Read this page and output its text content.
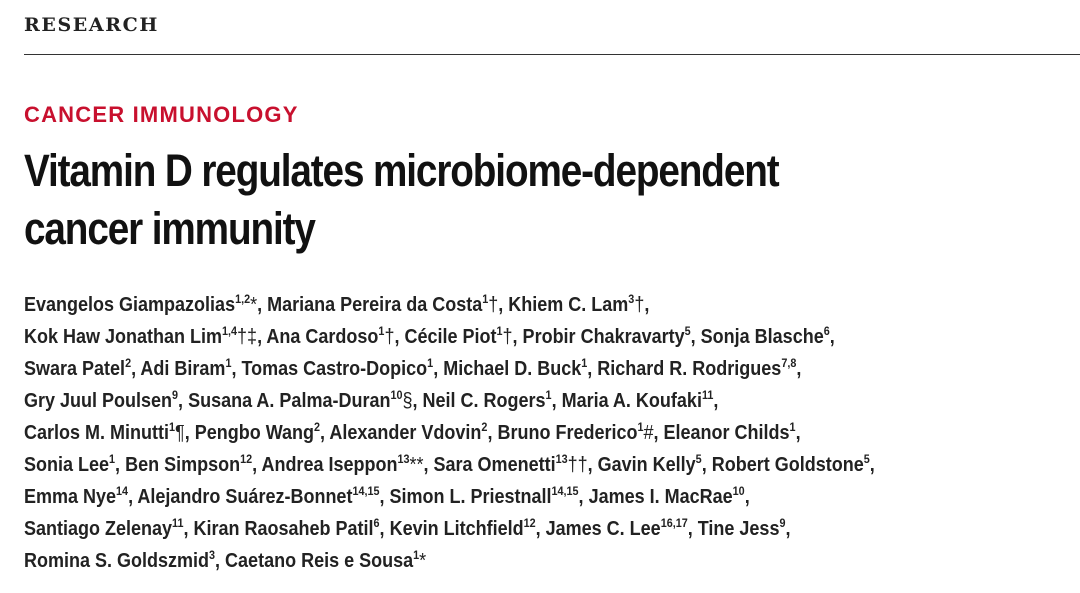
RESEARCH
CANCER IMMUNOLOGY
Vitamin D regulates microbiome-dependent
cancer immunity
Evangelos Giampazolias$^{1,2}$*, Mariana Pereira da Costa$^1$†, Khiem C. Lam$^3$†,
Kok Haw Jonathan Lim$^{1,4}$†‡, Ana Cardoso$^1$†, Cécile Piot$^1$†, Probir Chakravarty$^5$, Sonja Blasche$^6$,
Swara Patel$^2$, Adi Biram$^1$, Tomas Castro-Dopico$^1$, Michael D. Buck$^1$, Richard R. Rodrigues$^{7,8}$,
Gry Juul Poulsen$^9$, Susana A. Palma-Duran$^{10}$§, Neil C. Rogers$^1$, Maria A. Koufaki$^{11}$,
Carlos M. Minutti$^1$¶, Pengbo Wang$^2$, Alexander Vdovin$^2$, Bruno Frederico$^1$#, Eleanor Childs$^1$,
Sonia Lee$^1$, Ben Simpson$^{12}$, Andrea Iseppon$^{13}$**, Sara Omenetti$^{13}$††, Gavin Kelly$^5$, Robert Goldstone$^5$,
Emma Nye$^{14}$, Alejandro Suárez-Bonnet$^{14,15}$, Simon L. Priestnall$^{14,15}$, James I. MacRae$^{10}$,
Santiago Zelenay$^{11}$, Kiran Raosaheb Patil$^6$, Kevin Litchfield$^{12}$, James C. Lee$^{16,17}$, Tine Jess$^9$,
Romina S. Goldszmid$^3$, Caetano Reis e Sousa$^1$*
